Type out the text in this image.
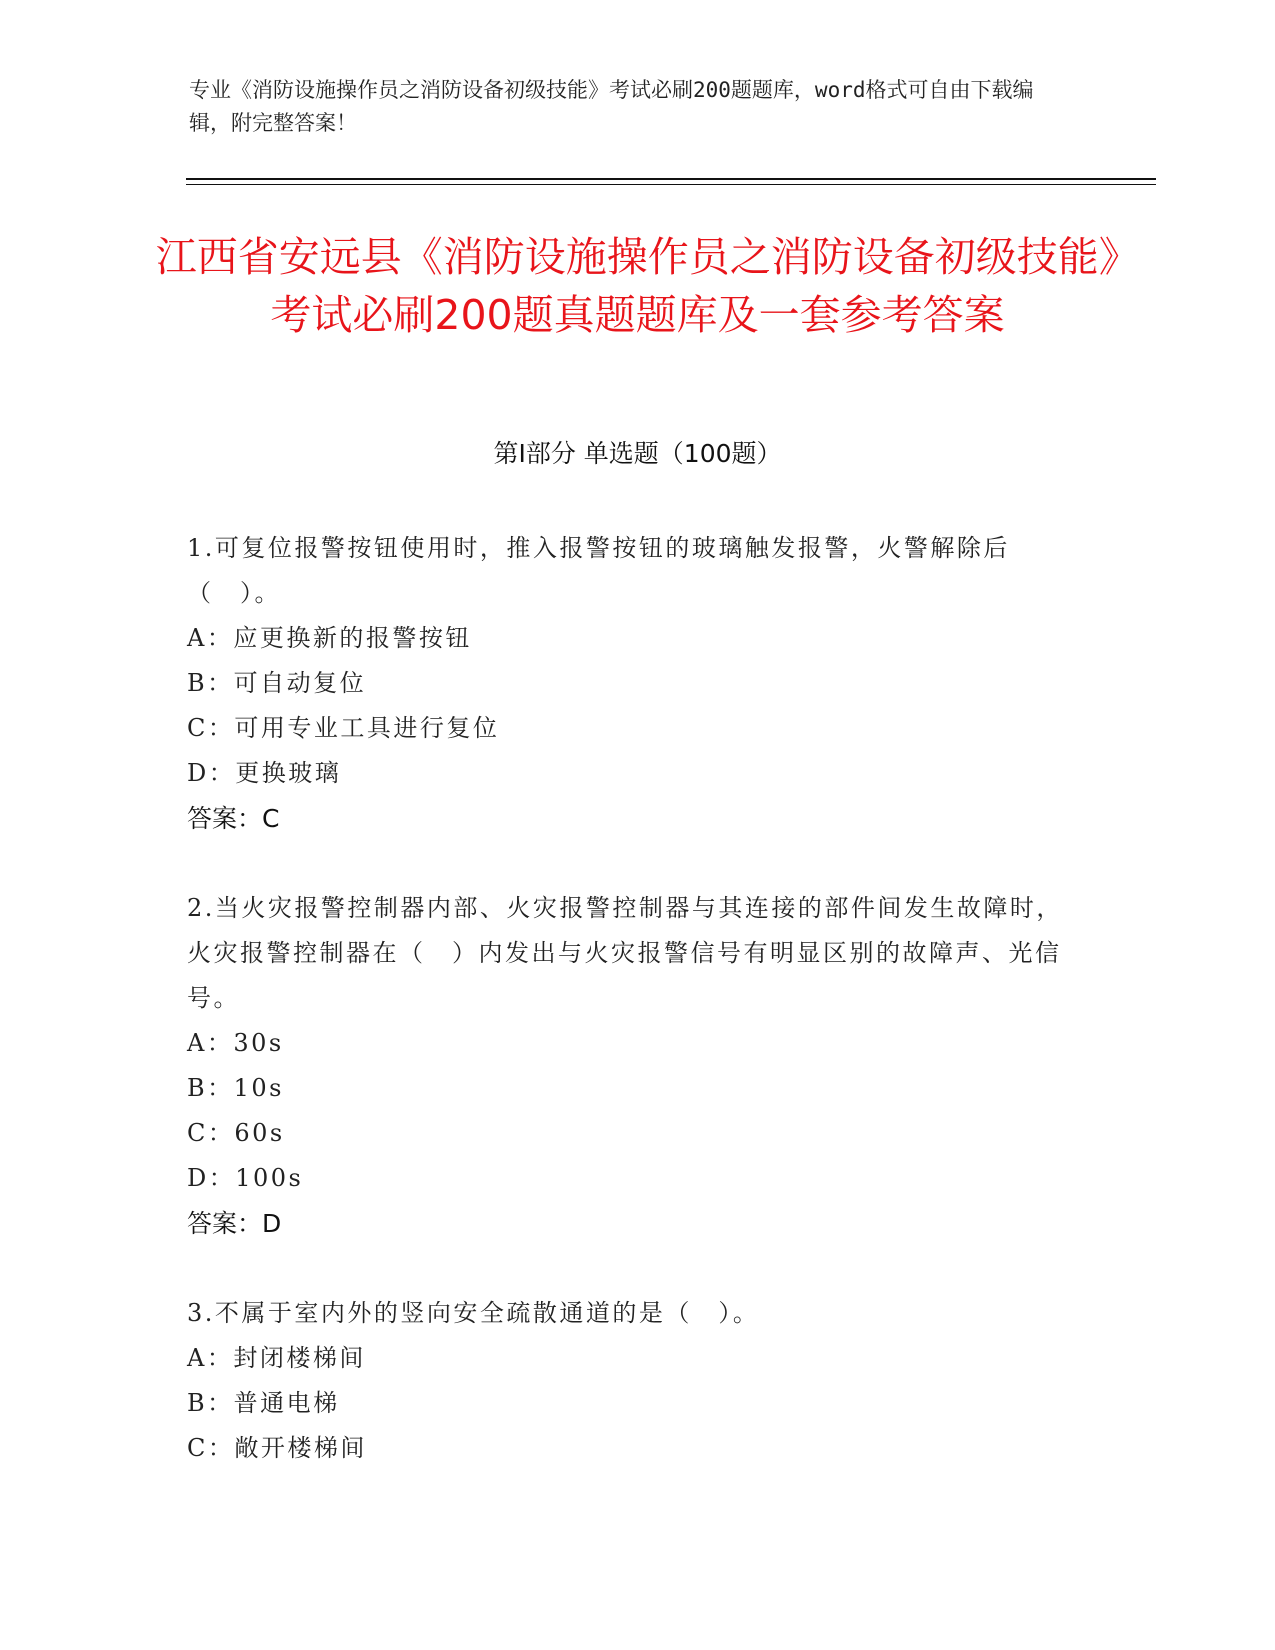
专业《消防设施操作员之消防设备初级技能》考试必刷200题题库，word格式可自由下载编辑，附完整答案！
江西省安远县《消防设施操作员之消防设备初级技能》考试必刷200题真题题库及一套参考答案
第Ⅰ部分 单选题（100题）
1.可复位报警按钮使用时，推入报警按钮的玻璃触发报警，火警解除后（　）。
A：应更换新的报警按钮
B：可自动复位
C：可用专业工具进行复位
D：更换玻璃
答案：C
2.当火灾报警控制器内部、火灾报警控制器与其连接的部件间发生故障时，火灾报警控制器在（　）内发出与火灾报警信号有明显区别的故障声、光信号。
A：30s
B：10s
C：60s
D：100s
答案：D
3.不属于室内外的竖向安全疏散通道的是（　）。
A：封闭楼梯间
B：普通电梯
C：敞开楼梯间
